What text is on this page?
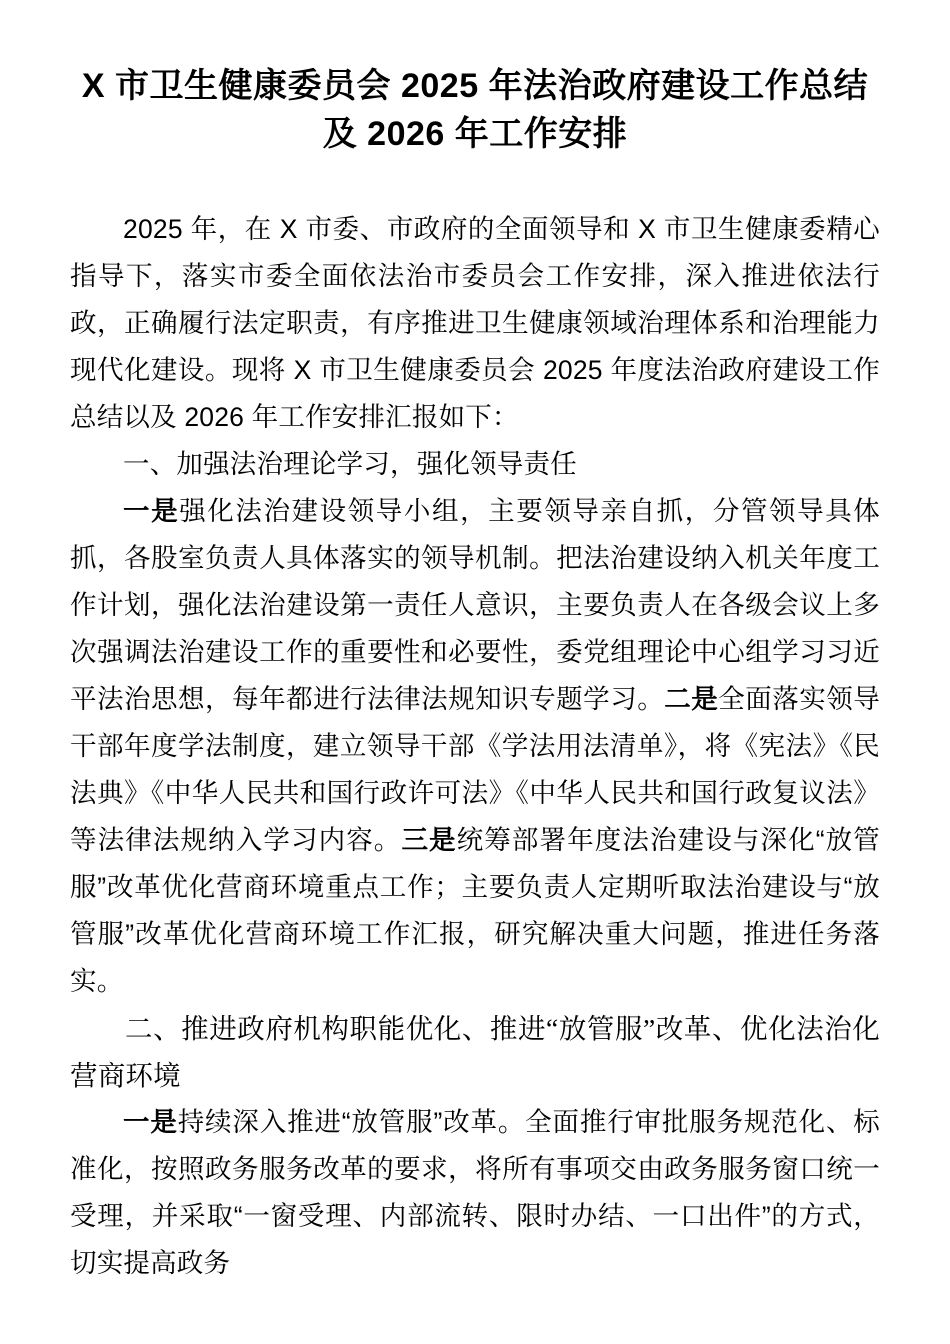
X 市卫生健康委员会 2025 年法治政府建设工作总结 及 2026 年工作安排

2025 年，在 X 市委、市政府的全面领导和 X 市卫生健康委精心指导下，落实市委全面依法治市委员会工作安排，深入推进依法行政，正确履行法定职责，有序推进卫生健康领域治理体系和治理能力现代化建设。现将 X 市卫生健康委员会 2025 年度法治政府建设工作总结以及 2026 年工作安排汇报如下：

一、加强法治理论学习，强化领导责任

一是强化法治建设领导小组，主要领导亲自抓，分管领导具体抓，各股室负责人具体落实的领导机制。把法治建设纳入机关年度工作计划，强化法治建设第一责任人意识，主要负责人在各级会议上多次强调法治建设工作的重要性和必要性，委党组理论中心组学习习近平法治思想，每年都进行法律法规知识专题学习。二是全面落实领导干部年度学法制度，建立领导干部《学法用法清单》，将《宪法》《民法典》《中华人民共和国行政许可法》《中华人民共和国行政复议法》等法律法规纳入学习内容。三是统筹部署年度法治建设与深化“放管服”改革优化营商环境重点工作；主要负责人定期听取法治建设与“放管服”改革优化营商环境工作汇报，研究解决重大问题，推进任务落实。

二、推进政府机构职能优化、推进“放管服”改革、优化法治化营商环境

一是持续深入推进“放管服”改革。全面推行审批服务规范化、标准化，按照政务服务改革的要求，将所有事项交由政务服务窗口统一受理，并采取“一窗受理、内部流转、限时办结、一口出件”的方式，切实提高政务
